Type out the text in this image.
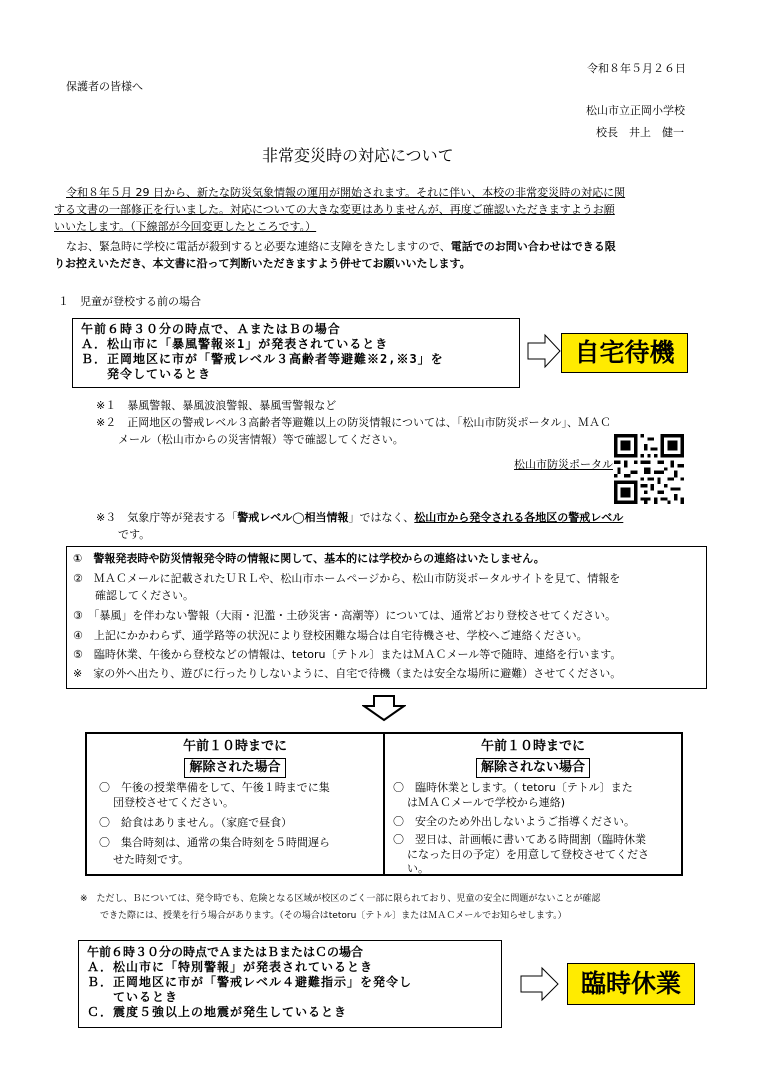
令和８年５月２６日
保護者の皆様へ
松山市立正岡小学校
校長　井上　健一
非常変災時の対応について
令和８年５月 29 日から、新たな防災気象情報の運用が開始されます。それに伴い、本校の非常変災時の対応に関
する文書の一部修正を行いました。対応についての大きな変更はありませんが、再度ご確認いただきますようお願
いいたします。（下線部が今回変更したところです。）
なお、緊急時に学校に電話が殺到すると必要な連絡に支障をきたしますので、電話でのお問い合わせはできる限
りお控えいただき、本文書に沿って判断いただきますよう併せてお願いいたします。
１　児童が登校する前の場合
午前６時３０分の時点で、ＡまたはＢの場合
Ａ．松山市に「暴風警報※1」が発表されているとき
Ｂ．正岡地区に市が「警戒レベル３高齢者等避難※2,※3」を
　　発令しているとき
自宅待機
※１　暴風警報、暴風波浪警報、暴風雪警報など
※２　正岡地区の警戒レベル３高齢者等避難以上の防災情報については、「松山市防災ポータル」、ＭＡＣ
メール（松山市からの災害情報）等で確認してください。
松山市防災ポータル
※３　気象庁等が発表する「警戒レベル◯相当情報」ではなく、松山市から発令される各地区の警戒レベル
です。
①　警報発表時や防災情報発令時の情報に関して、基本的には学校からの連絡はいたしません。
②　ＭＡＣメールに記載されたＵＲＬや、松山市ホームページから、松山市防災ポータルサイトを見て、情報を
確認してください。
③　「暴風」を伴わない警報（大雨・氾濫・土砂災害・高潮等）については、通常どおり登校させてください。
④　上記にかかわらず、通学路等の状況により登校困難な場合は自宅待機させ、学校へご連絡ください。
⑤　臨時休業、午後から登校などの情報は、tetoru〔テトル〕またはＭＡＣメール等で随時、連絡を行います。
※　家の外へ出たり、遊びに行ったりしないように、自宅で待機（または安全な場所に避難）させてください。
午前１０時までに
解除された場合
〇　午後の授業準備をして、午後１時までに集
団登校させてください。
〇　給食はありません。（家庭で昼食）
〇　集合時刻は、通常の集合時刻を５時間遅ら
せた時刻です。
午前１０時までに
解除されない場合
〇　臨時休業とします。（ tetoru〔テトル〕また
はＭＡＣメールで学校から連絡)
〇　安全のため外出しないようご指導ください。
〇　翌日は、計画帳に書いてある時間割（臨時休業
になった日の予定）を用意して登校させてくださ
い。
※　ただし、Ｂについては、発令時でも、危険となる区域が校区のごく一部に限られており、児童の安全に問題がないことが確認
できた際には、授業を行う場合があります。（その場合はtetoru〔テトル〕またはＭＡＣメールでお知らせします。）
午前６時３０分の時点でＡまたはＢまたはＣの場合
Ａ．松山市に「特別警報」が発表されているとき
Ｂ．正岡地区に市が「警戒レベル４避難指示」を発令し
　　ているとき
Ｃ．震度５強以上の地震が発生しているとき
臨時休業
